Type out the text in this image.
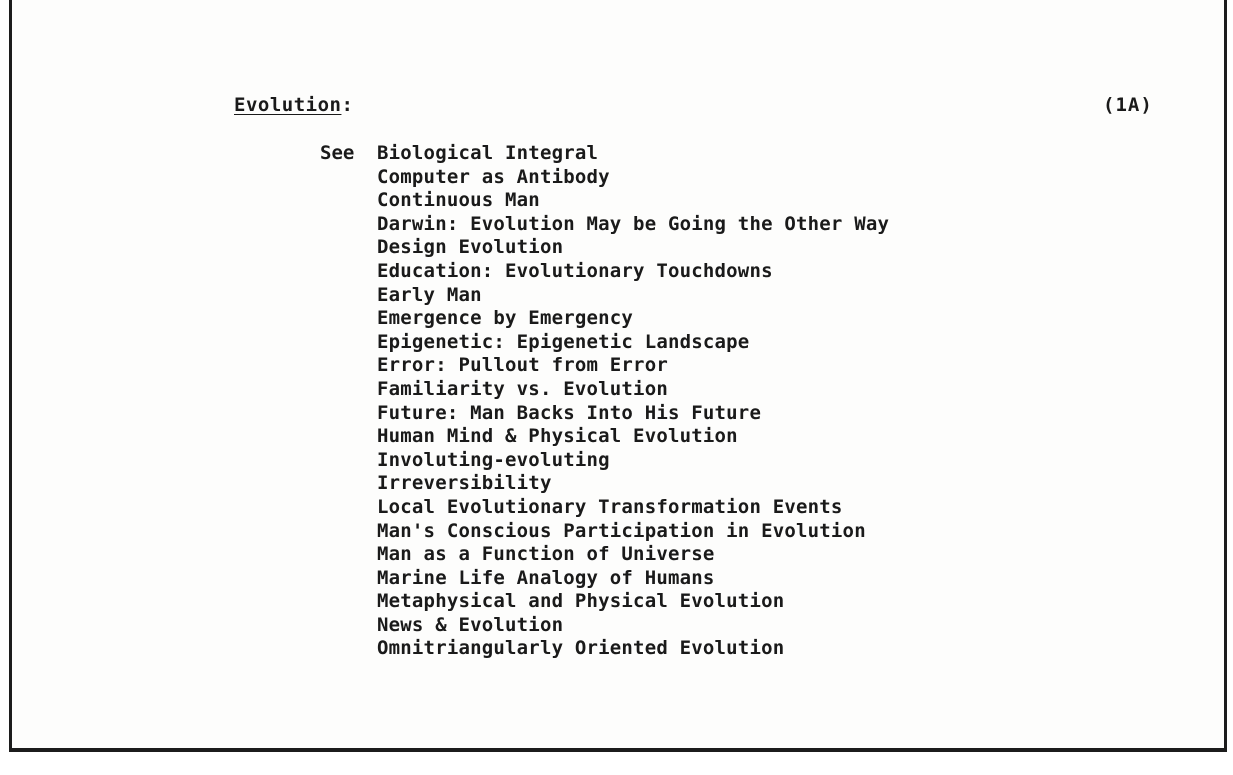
Evolution:	(1A)
See Biological Integral
Computer as Antibody
Continuous Man
Darwin: Evolution May be Going the Other Way
Design Evolution
Education: Evolutionary Touchdowns
Early Man
Emergence by Emergency
Epigenetic: Epigenetic Landscape
Error: Pullout from Error
Familiarity vs. Evolution
Future: Man Backs Into His Future
Human Mind & Physical Evolution
Involuting-evoluting
Irreversibility
Local Evolutionary Transformation Events
Man's Conscious Participation in Evolution
Man as a Function of Universe
Marine Life Analogy of Humans
Metaphysical and Physical Evolution
News & Evolution
Omnitriangularly Oriented Evolution
